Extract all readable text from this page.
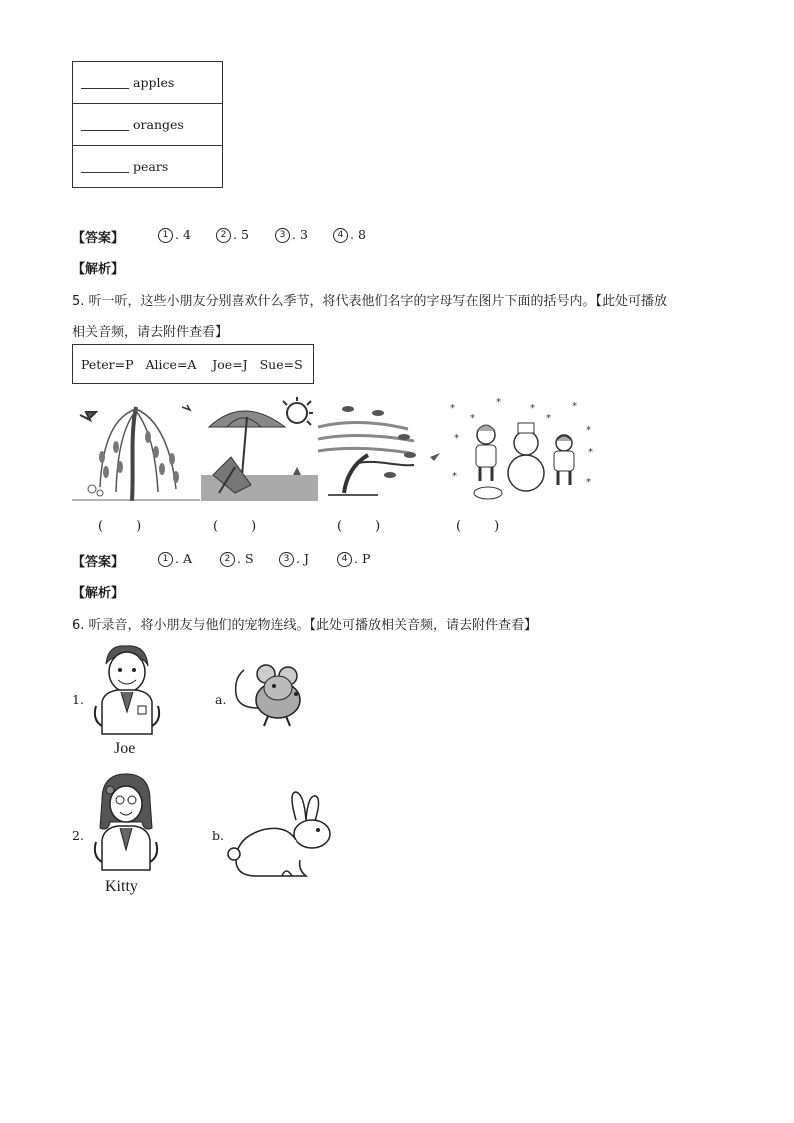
apples
oranges
pears
【答案】	1 . 4	2 . 5	3 . 3	4 . 8
【解析】
5. 听一听，这些小朋友分别喜欢什么季节，将代表他们名字的字母写在图片下面的括号内。【此处可播放
相关音频，请去附件查看】
Peter=P   Alice=A    Joe=J   Sue=S
*
*
*
*
*
*
*
*
*
*
*
(        )	(        )	(        )	(        )
【答案】	1 . A	2 . S	3 . J	4 . P
【解析】
6. 听录音，将小朋友与他们的宠物连线。【此处可播放相关音频，请去附件查看】
1.
Joe
a.
2.
Kitty
b.
